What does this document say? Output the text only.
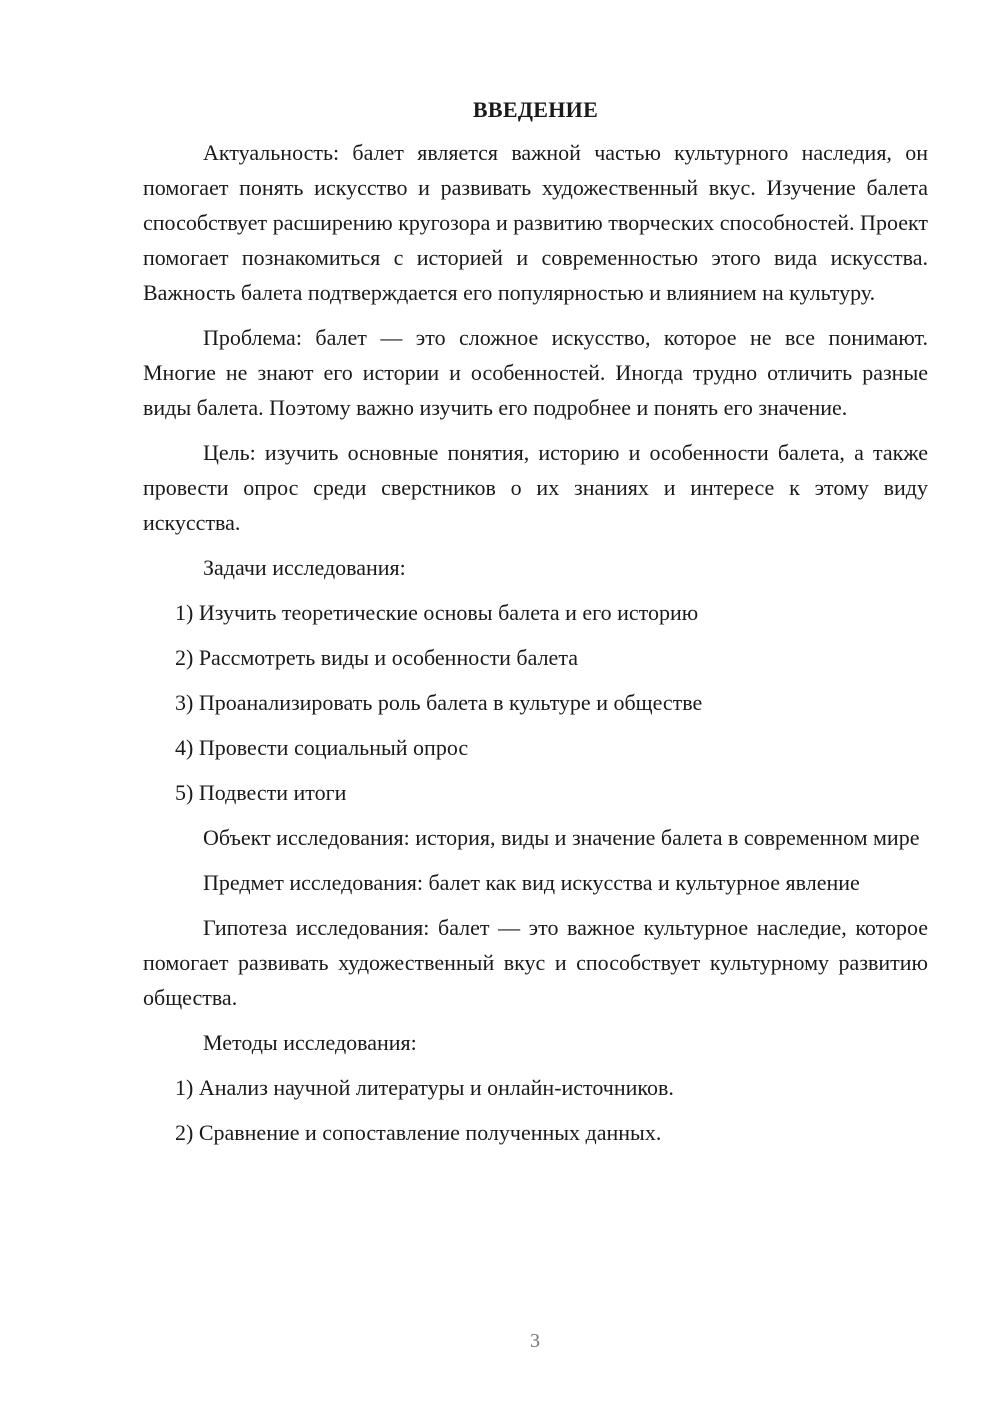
ВВЕДЕНИЕ

Актуальность: балет является важной частью культурного наследия, он помогает понять искусство и развивать художественный вкус. Изучение балета способствует расширению кругозора и развитию творческих способностей. Проект помогает познакомиться с историей и современностью этого вида искусства. Важность балета подтверждается его популярностью и влиянием на культуру.

Проблема: балет — это сложное искусство, которое не все понимают. Многие не знают его истории и особенностей. Иногда трудно отличить разные виды балета. Поэтому важно изучить его подробнее и понять его значение.

Цель: изучить основные понятия, историю и особенности балета, а также провести опрос среди сверстников о их знаниях и интересе к этому виду искусства.

Задачи исследования:

1) Изучить теоретические основы балета и его историю
2) Рассмотреть виды и особенности балета
3) Проанализировать роль балета в культуре и обществе
4) Провести социальный опрос
5) Подвести итоги

Объект исследования: история, виды и значение балета в современном мире

Предмет исследования: балет как вид искусства и культурное явление

Гипотеза исследования: балет — это важное культурное наследие, которое помогает развивать художественный вкус и способствует культурному развитию общества.

Методы исследования:

1) Анализ научной литературы и онлайн-источников.
2) Сравнение и сопоставление полученных данных.
3
